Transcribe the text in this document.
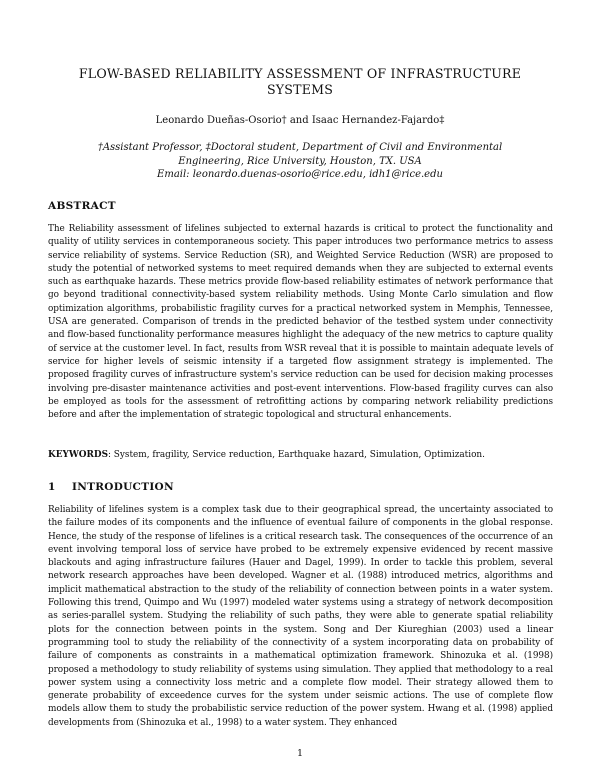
FLOW-BASED RELIABILITY ASSESSMENT OF INFRASTRUCTURE SYSTEMS

Leonardo Dueñas-Osorio† and Isaac Hernandez-Fajardo‡

†Assistant Professor, ‡Doctoral student, Department of Civil and Environmental Engineering, Rice University, Houston, TX. USA
Email: leonardo.duenas-osorio@rice.edu, idh1@rice.edu
ABSTRACT

The Reliability assessment of lifelines subjected to external hazards is critical to protect the functionality and quality of utility services in contemporaneous society. This paper introduces two performance metrics to assess service reliability of systems. Service Reduction (SR), and Weighted Service Reduction (WSR) are proposed to study the potential of networked systems to meet required demands when they are subjected to external events such as earthquake hazards. These metrics provide flow-based reliability estimates of network performance that go beyond traditional connectivity-based system reliability methods. Using Monte Carlo simulation and flow optimization algorithms, probabilistic fragility curves for a practical networked system in Memphis, Tennessee, USA are generated. Comparison of trends in the predicted behavior of the testbed system under connectivity and flow-based functionality performance measures highlight the adequacy of the new metrics to capture quality of service at the customer level. In fact, results from WSR reveal that it is possible to maintain adequate levels of service for higher levels of seismic intensity if a targeted flow assignment strategy is implemented. The proposed fragility curves of infrastructure system's service reduction can be used for decision making processes involving pre-disaster maintenance activities and post-event interventions. Flow-based fragility curves can also be employed as tools for the assessment of retrofitting actions by comparing network reliability predictions before and after the implementation of strategic topological and structural enhancements.

KEYWORDS: System, fragility, Service reduction, Earthquake hazard, Simulation, Optimization.

1 INTRODUCTION

Reliability of lifelines system is a complex task due to their geographical spread, the uncertainty associated to the failure modes of its components and the influence of eventual failure of components in the global response. Hence, the study of the response of lifelines is a critical research task. The consequences of the occurrence of an event involving temporal loss of service have probed to be extremely expensive evidenced by recent massive blackouts and aging infrastructure failures (Hauer and Dagel, 1999). In order to tackle this problem, several network research approaches have been developed. Wagner et al. (1988) introduced metrics, algorithms and implicit mathematical abstraction to the study of the reliability of connection between points in a water system. Following this trend, Quimpo and Wu (1997) modeled water systems using a strategy of network decomposition as series-parallel system. Studying the reliability of such paths, they were able to generate spatial reliability plots for the connection between points in the system. Song and Der Kiureghian (2003) used a linear programming tool to study the reliability of the connectivity of a system incorporating data on probability of failure of components as constraints in a mathematical optimization framework. Shinozuka et al. (1998) proposed a methodology to study reliability of systems using simulation. They applied that methodology to a real power system using a connectivity loss metric and a complete flow model. Their strategy allowed them to generate probability of exceedence curves for the system under seismic actions. The use of complete flow models allow them to study the probabilistic service reduction of the power system. Hwang et al. (1998) applied developments from (Shinozuka et al., 1998) to a water system. They enhanced

1
